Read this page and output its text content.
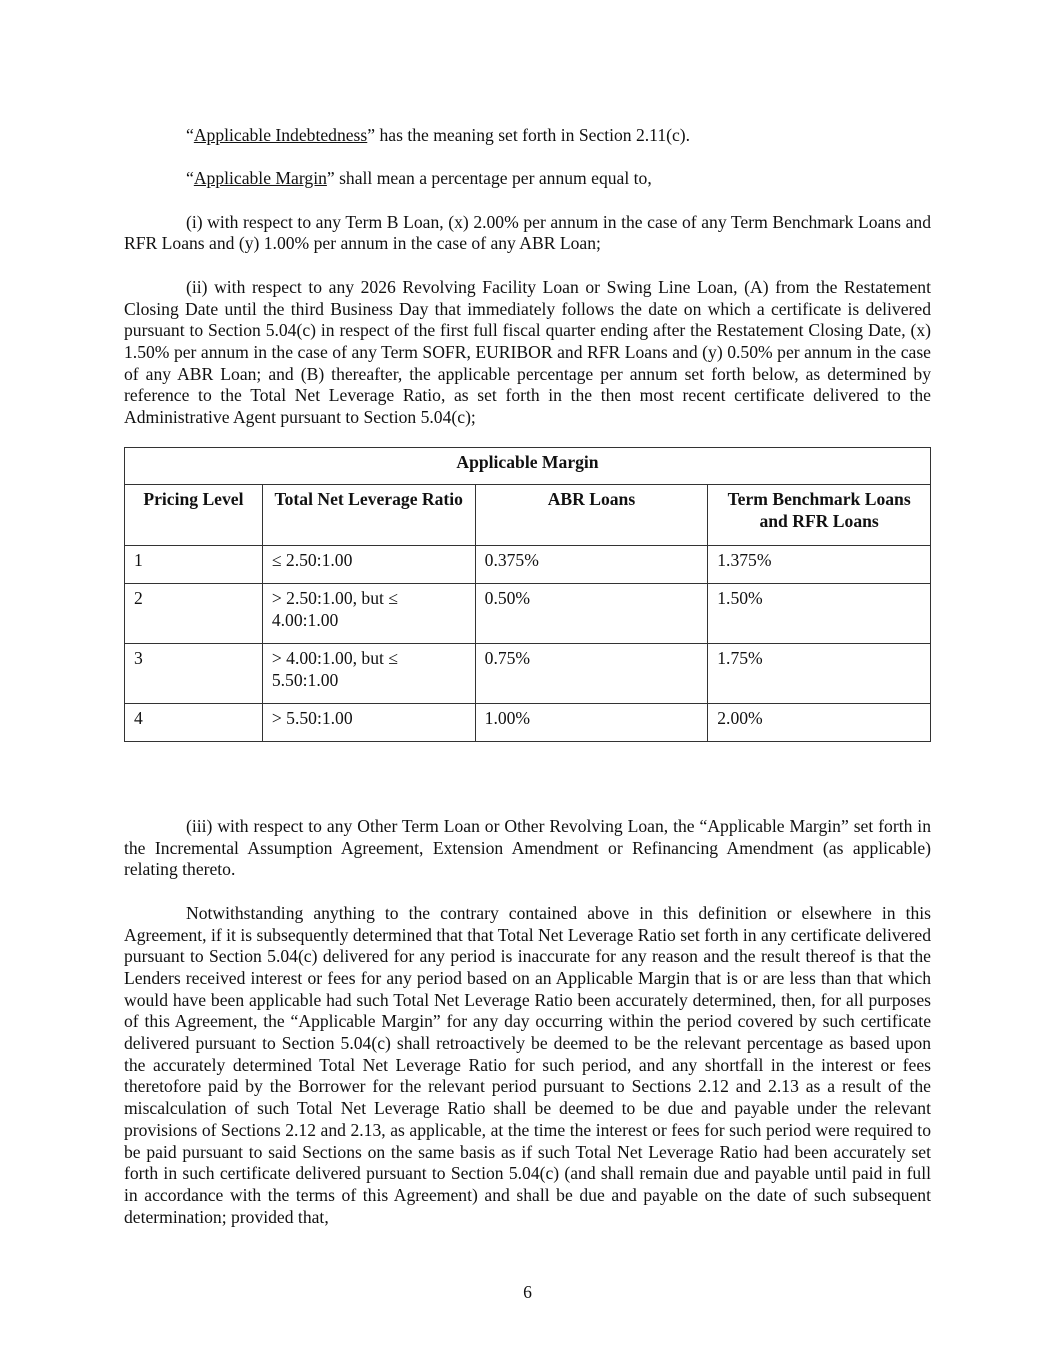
“Applicable Indebtedness” has the meaning set forth in Section 2.11(c).

“Applicable Margin” shall mean a percentage per annum equal to,

(i) with respect to any Term B Loan, (x) 2.00% per annum in the case of any Term Benchmark Loans and RFR Loans and (y) 1.00% per annum in the case of any ABR Loan;

(ii) with respect to any 2026 Revolving Facility Loan or Swing Line Loan, (A) from the Restatement Closing Date until the third Business Day that immediately follows the date on which a certificate is delivered pursuant to Section 5.04(c) in respect of the first full fiscal quarter ending after the Restatement Closing Date, (x) 1.50% per annum in the case of any Term SOFR, EURIBOR and RFR Loans and (y) 0.50% per annum in the case of any ABR Loan; and (B) thereafter, the applicable percentage per annum set forth below, as determined by reference to the Total Net Leverage Ratio, as set forth in the then most recent certificate delivered to the Administrative Agent pursuant to Section 5.04(c);

Applicable Margin			
Pricing Level	Total Net Leverage Ratio	ABR Loans	Term Benchmark Loans and RFR Loans
1	≤ 2.50:1.00	0.375%	1.375%
2	> 2.50:1.00, but ≤ 4.00:1.00	0.50%	1.50%
3	> 4.00:1.00, but ≤ 5.50:1.00	0.75%	1.75%
4	> 5.50:1.00	1.00%	2.00%

(iii) with respect to any Other Term Loan or Other Revolving Loan, the “Applicable Margin” set forth in the Incremental Assumption Agreement, Extension Amendment or Refinancing Amendment (as applicable) relating thereto.

Notwithstanding anything to the contrary contained above in this definition or elsewhere in this Agreement, if it is subsequently determined that that Total Net Leverage Ratio set forth in any certificate delivered pursuant to Section 5.04(c) delivered for any period is inaccurate for any reason and the result thereof is that the Lenders received interest or fees for any period based on an Applicable Margin that is or are less than that which would have been applicable had such Total Net Leverage Ratio been accurately determined, then, for all purposes of this Agreement, the “Applicable Margin” for any day occurring within the period covered by such certificate delivered pursuant to Section 5.04(c) shall retroactively be deemed to be the relevant percentage as based upon the accurately determined Total Net Leverage Ratio for such period, and any shortfall in the interest or fees theretofore paid by the Borrower for the relevant period pursuant to Sections 2.12 and 2.13 as a result of the miscalculation of such Total Net Leverage Ratio shall be deemed to be due and payable under the relevant provisions of Sections 2.12 and 2.13, as applicable, at the time the interest or fees for such period were required to be paid pursuant to said Sections on the same basis as if such Total Net Leverage Ratio had been accurately set forth in such certificate delivered pursuant to Section 5.04(c) (and shall remain due and payable until paid in full in accordance with the terms of this Agreement) and shall be due and payable on the date of such subsequent determination; provided that,

6
